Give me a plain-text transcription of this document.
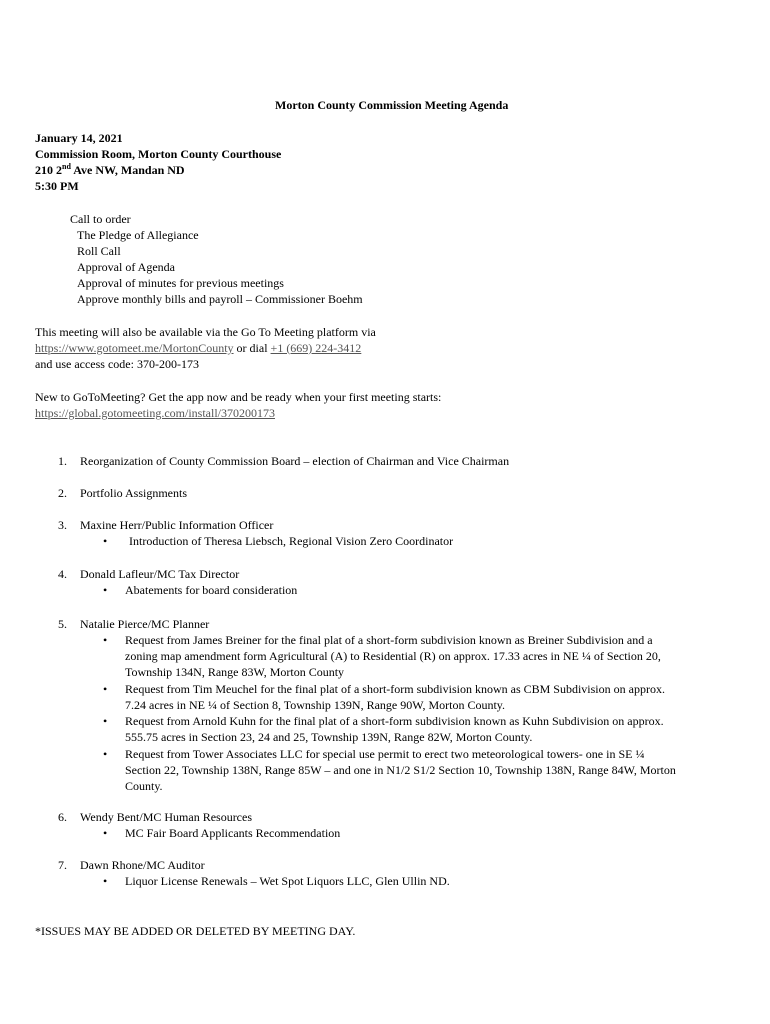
Morton County Commission Meeting Agenda
January 14, 2021
Commission Room, Morton County Courthouse
210 2nd Ave NW, Mandan ND
5:30 PM
Call to order
The Pledge of Allegiance
Roll Call
Approval of Agenda
Approval of minutes for previous meetings
Approve monthly bills and payroll – Commissioner Boehm
This meeting will also be available via the Go To Meeting platform via
https://www.gotomeet.me/MortonCounty or dial +1 (669) 224-3412
and use access code: 370-200-173
New to GoToMeeting? Get the app now and be ready when your first meeting starts:
https://global.gotomeeting.com/install/370200173
1. Reorganization of County Commission Board – election of Chairman and Vice Chairman
2. Portfolio Assignments
3. Maxine Herr/Public Information Officer
• Introduction of Theresa Liebsch, Regional Vision Zero Coordinator
4. Donald Lafleur/MC Tax Director
• Abatements for board consideration
5. Natalie Pierce/MC Planner
• Request from James Breiner for the final plat of a short-form subdivision known as Breiner Subdivision and a
zoning map amendment form Agricultural (A) to Residential (R) on approx. 17.33 acres in NE ¼ of Section 20,
Township 134N, Range 83W, Morton County
• Request from Tim Meuchel for the final plat of a short-form subdivision known as CBM Subdivision on approx.
7.24 acres in NE ¼ of Section 8, Township 139N, Range 90W, Morton County.
• Request from Arnold Kuhn for the final plat of a short-form subdivision known as Kuhn Subdivision on approx.
555.75 acres in Section 23, 24 and 25, Township 139N, Range 82W, Morton County.
• Request from Tower Associates LLC for special use permit to erect two meteorological towers- one in SE ¼
Section 22, Township 138N, Range 85W – and one in N1/2 S1/2 Section 10, Township 138N, Range 84W, Morton
County.
6. Wendy Bent/MC Human Resources
• MC Fair Board Applicants Recommendation
7. Dawn Rhone/MC Auditor
• Liquor License Renewals – Wet Spot Liquors LLC, Glen Ullin ND.
*ISSUES MAY BE ADDED OR DELETED BY MEETING DAY.
